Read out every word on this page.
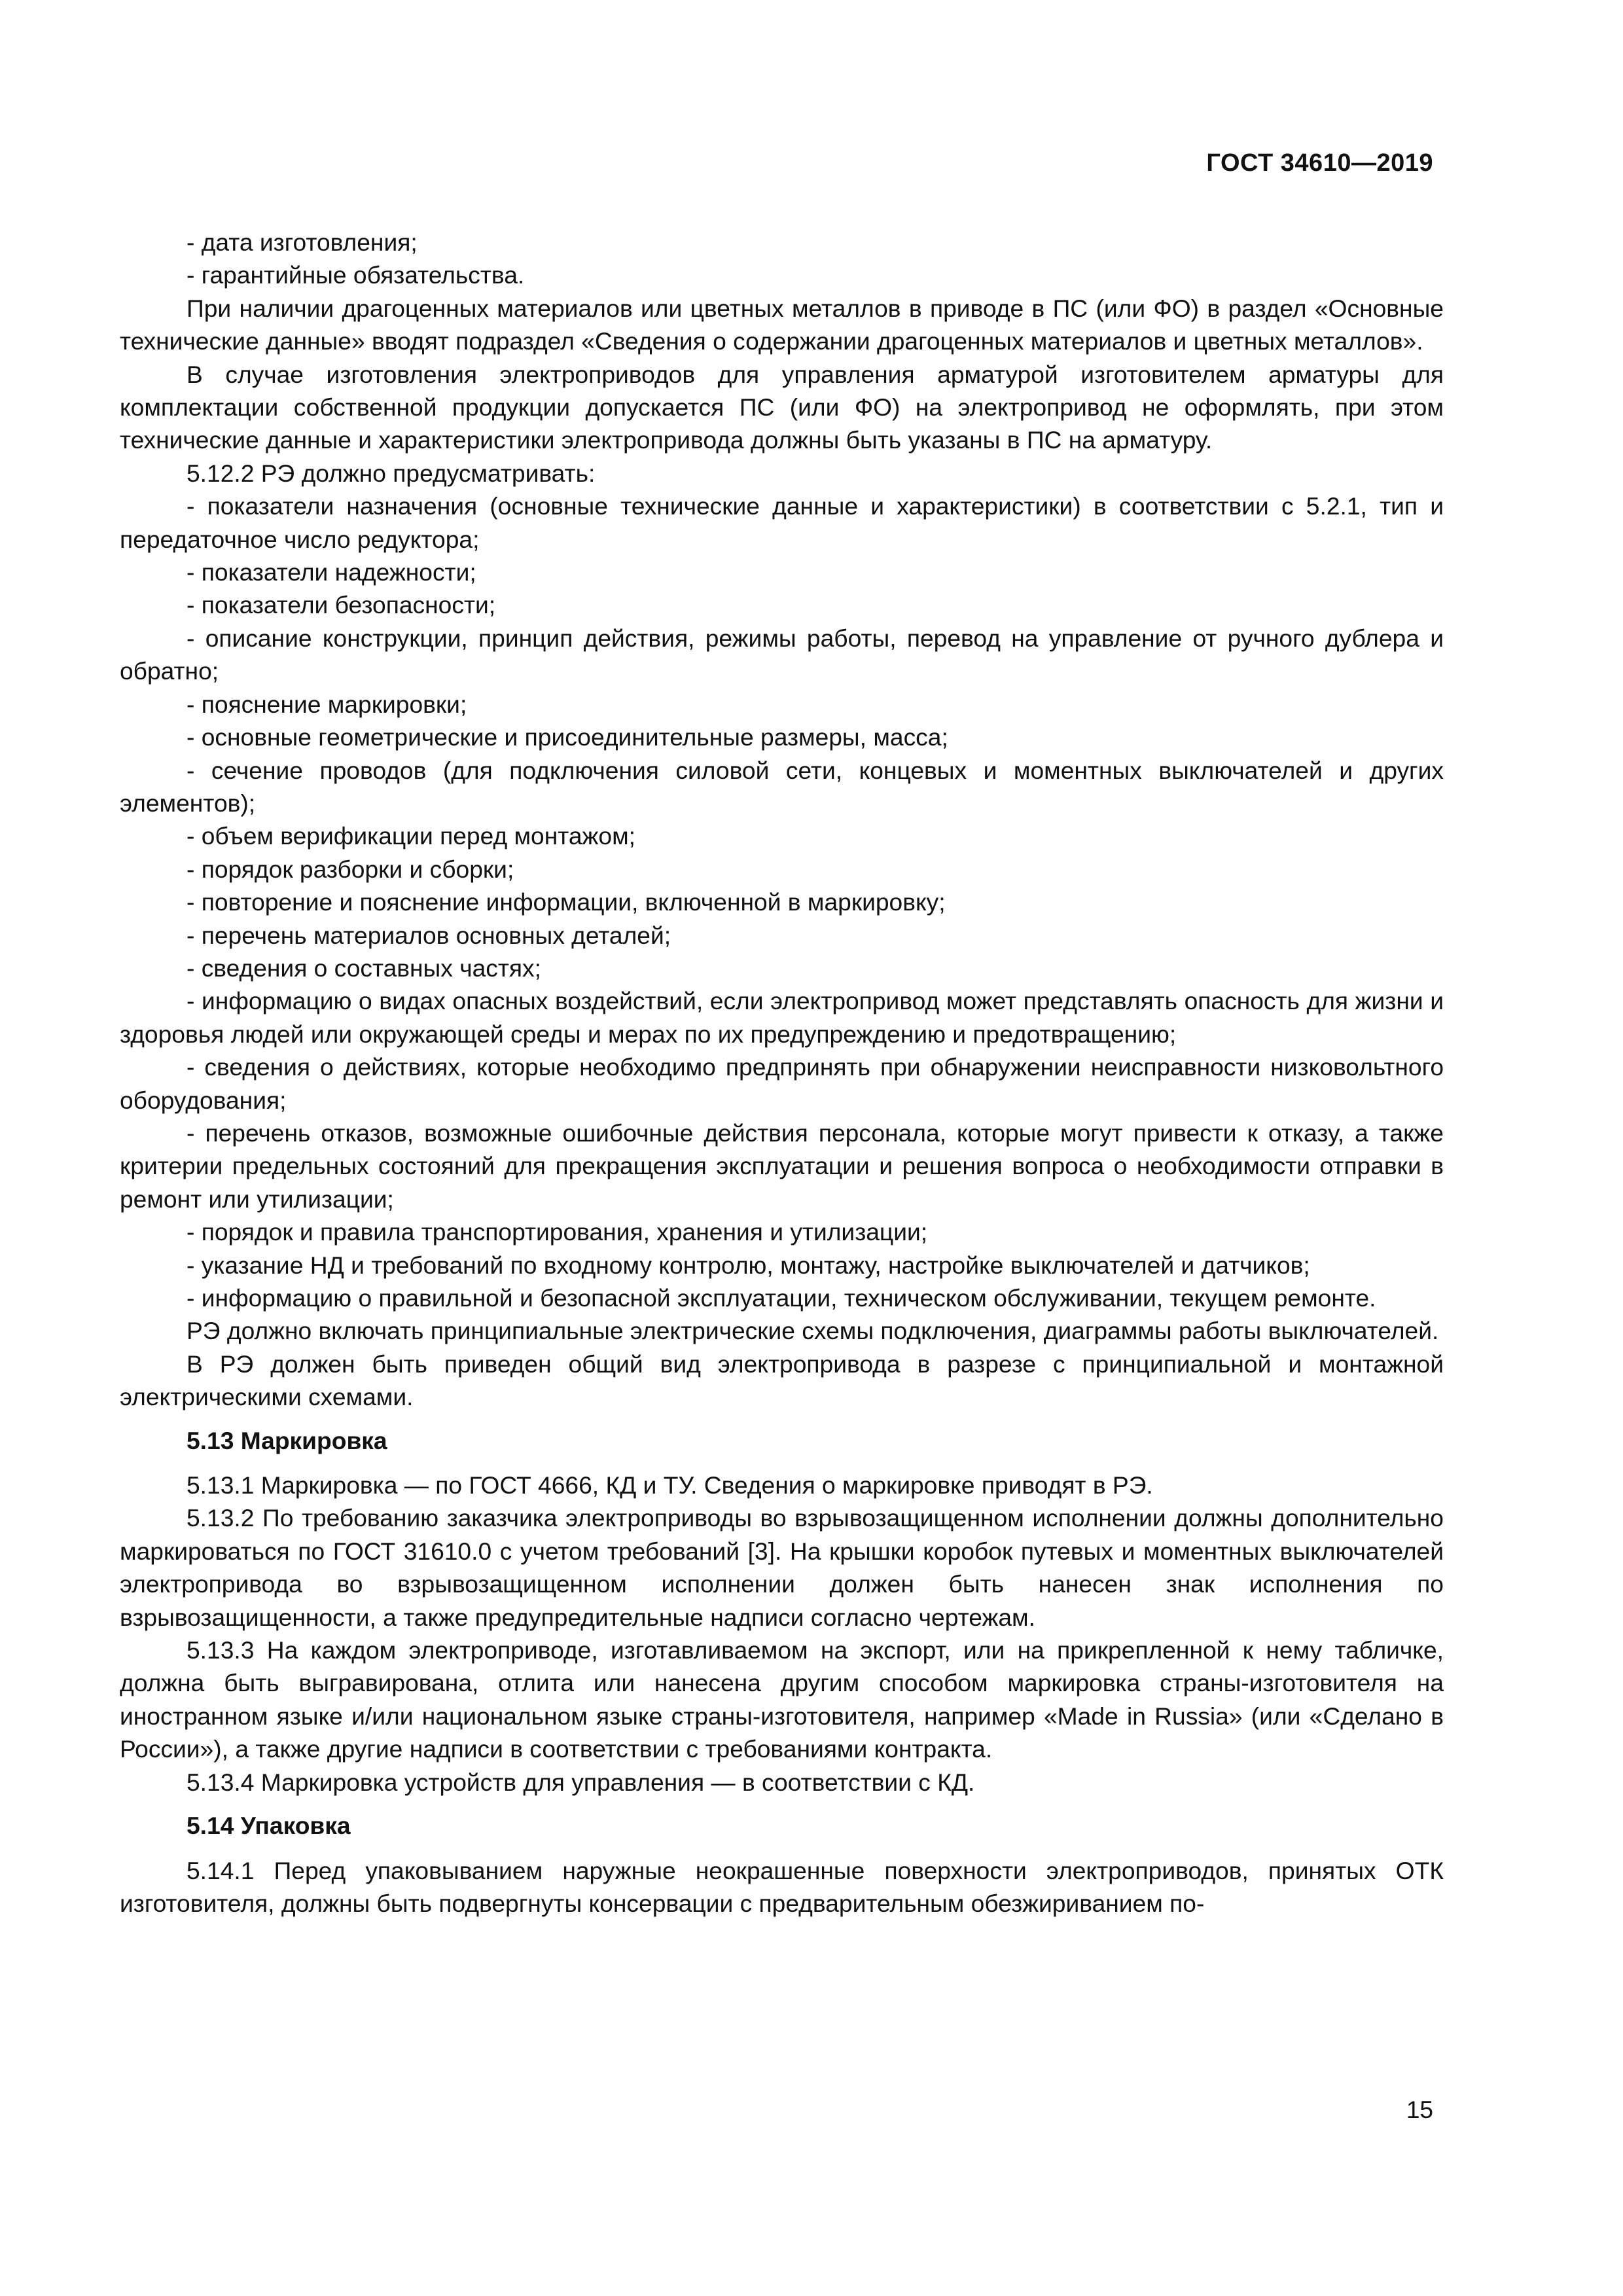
ГОСТ 34610—2019

- дата изготовления;

- гарантийные обязательства.

При наличии драгоценных материалов или цветных металлов в приводе в ПС (или ФО) в раздел «Основные технические данные» вводят подраздел «Сведения о содержании драгоценных материалов и цветных металлов».

В случае изготовления электроприводов для управления арматурой изготовителем арматуры для комплектации собственной продукции допускается ПС (или ФО) на электропривод не оформлять, при этом технические данные и характеристики электропривода должны быть указаны в ПС на арматуру.

5.12.2 РЭ должно предусматривать:

- показатели назначения (основные технические данные и характеристики) в соответствии с 5.2.1, тип и передаточное число редуктора;

- показатели надежности;

- показатели безопасности;

- описание конструкции, принцип действия, режимы работы, перевод на управление от ручного дублера и обратно;

- пояснение маркировки;

- основные геометрические и присоединительные размеры, масса;

- сечение проводов (для подключения силовой сети, концевых и моментных выключателей и других элементов);

- объем верификации перед монтажом;

- порядок разборки и сборки;

- повторение и пояснение информации, включенной в маркировку;

- перечень материалов основных деталей;

- сведения о составных частях;

- информацию о видах опасных воздействий, если электропривод может представлять опасность для жизни и здоровья людей или окружающей среды и мерах по их предупреждению и предотвращению;

- сведения о действиях, которые необходимо предпринять при обнаружении неисправности низковольтного оборудования;

- перечень отказов, возможные ошибочные действия персонала, которые могут привести к отказу, а также критерии предельных состояний для прекращения эксплуатации и решения вопроса о необходимости отправки в ремонт или утилизации;

- порядок и правила транспортирования, хранения и утилизации;

- указание НД и требований по входному контролю, монтажу, настройке выключателей и датчиков;

- информацию о правильной и безопасной эксплуатации, техническом обслуживании, текущем ремонте.

РЭ должно включать принципиальные электрические схемы подключения, диаграммы работы выключателей.

В РЭ должен быть приведен общий вид электропривода в разрезе с принципиальной и монтажной электрическими схемами.

5.13 Маркировка

5.13.1 Маркировка — по ГОСТ 4666, КД и ТУ. Сведения о маркировке приводят в РЭ.

5.13.2 По требованию заказчика электроприводы во взрывозащищенном исполнении должны дополнительно маркироваться по ГОСТ 31610.0 с учетом требований [3]. На крышки коробок путевых и моментных выключателей электропривода во взрывозащищенном исполнении должен быть нанесен знак исполнения по взрывозащищенности, а также предупредительные надписи согласно чертежам.

5.13.3 На каждом электроприводе, изготавливаемом на экспорт, или на прикрепленной к нему табличке, должна быть выгравирована, отлита или нанесена другим способом маркировка страны-изготовителя на иностранном языке и/или национальном языке страны-изготовителя, например «Made in Russia» (или «Сделано в России»), а также другие надписи в соответствии с требованиями контракта.

5.13.4 Маркировка устройств для управления — в соответствии с КД.

5.14 Упаковка

5.14.1 Перед упаковыванием наружные неокрашенные поверхности электроприводов, принятых ОТК изготовителя, должны быть подвергнуты консервации с предварительным обезжириванием по-

15
